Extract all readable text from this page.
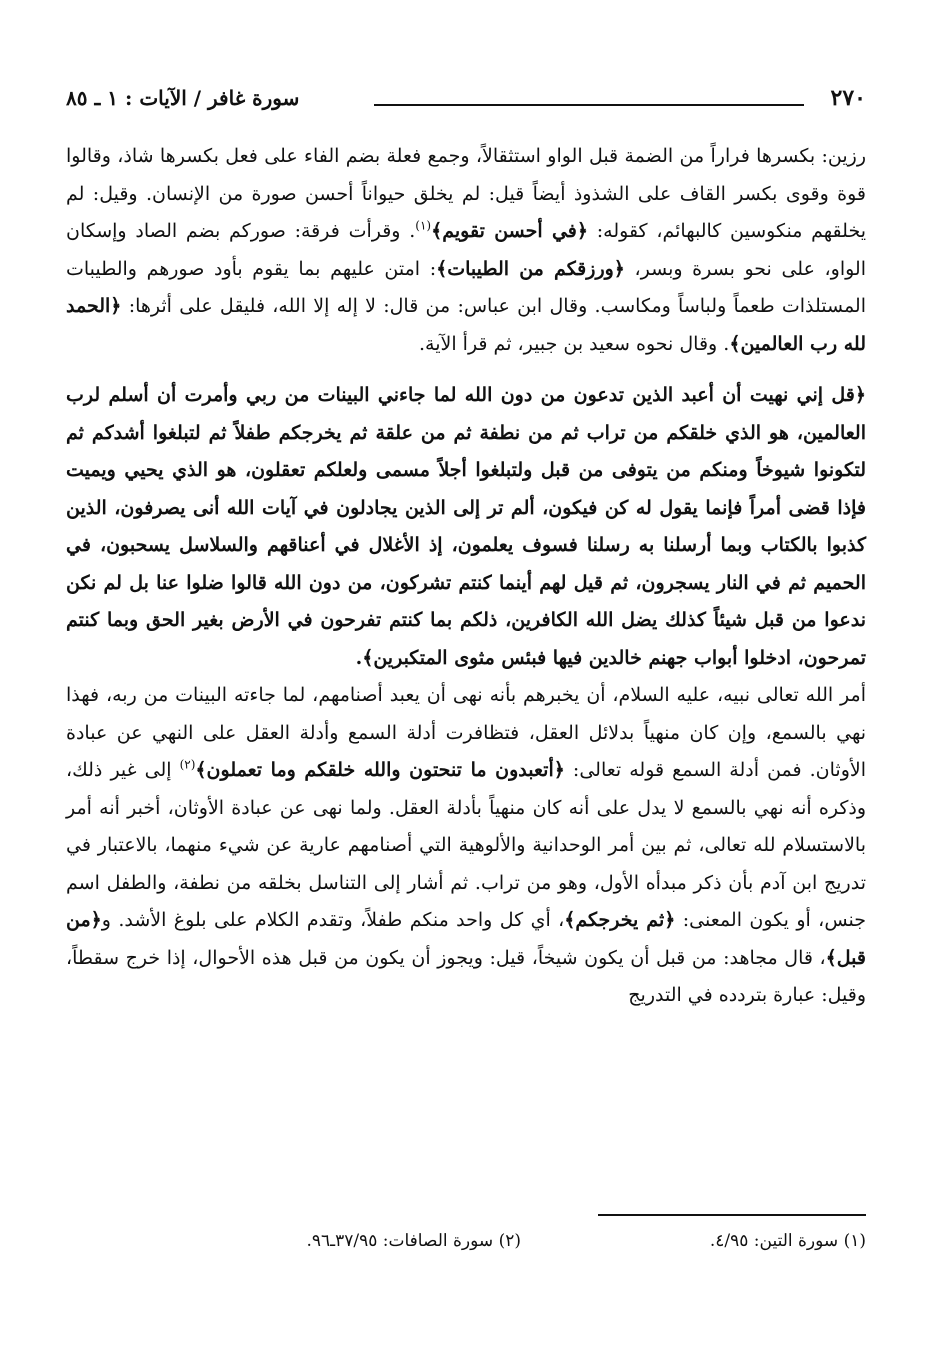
٢٧٠
سورة غافر / الآيات : ١ ـ ٨٥

رزين: بكسرها فراراً من الضمة قبل الواو استثقالاً، وجمع فعلة بضم الفاء على فعل بكسرها شاذ، وقالوا قوة وقوى بكسر القاف على الشذوذ أيضاً قيل: لم يخلق حيواناً أحسن صورة من الإنسان. وقيل: لم يخلقهم منكوسين كالبهائم، كقوله: ﴿في أحسن تقويم﴾$^{(١)}$. وقرأت فرقة: صوركم بضم الصاد وإسكان الواو، على نحو بسرة وبسر، ﴿ورزقكم من الطيبات﴾: امتن عليهم بما يقوم بأود صورهم والطيبات المستلذات طعماً ولباساً ومكاسب. وقال ابن عباس: من قال: لا إله إلا الله، فليقل على أثرها: ﴿الحمد لله رب العالمين﴾. وقال نحوه سعيد بن جبير، ثم قرأ الآية.

﴿قل إني نهيت أن أعبد الذين تدعون من دون الله لما جاءني البينات من ربي وأمرت أن أسلم لرب العالمين، هو الذي خلقكم من تراب ثم من نطفة ثم من علقة ثم يخرجكم طفلاً ثم لتبلغوا أشدكم ثم لتكونوا شيوخاً ومنكم من يتوفى من قبل ولتبلغوا أجلاً مسمى ولعلكم تعقلون، هو الذي يحيي ويميت فإذا قضى أمراً فإنما يقول له كن فيكون، ألم تر إلى الذين يجادلون في آيات الله أنى يصرفون، الذين كذبوا بالكتاب وبما أرسلنا به رسلنا فسوف يعلمون، إذ الأغلال في أعناقهم والسلاسل يسحبون، في الحميم ثم في النار يسجرون، ثم قيل لهم أينما كنتم تشركون، من دون الله قالوا ضلوا عنا بل لم نكن ندعوا من قبل شيئاً كذلك يضل الله الكافرين، ذلكم بما كنتم تفرحون في الأرض بغير الحق وبما كنتم تمرحون، ادخلوا أبواب جهنم خالدين فيها فبئس مثوى المتكبرين﴾.

أمر الله تعالى نبيه، عليه السلام، أن يخبرهم بأنه نهى أن يعبد أصنامهم، لما جاءته البينات من ربه، فهذا نهي بالسمع، وإن كان منهياً بدلائل العقل، فتظافرت أدلة السمع وأدلة العقل على النهي عن عبادة الأوثان. فمن أدلة السمع قوله تعالى: ﴿أتعبدون ما تنحتون والله خلقكم وما تعملون﴾$^{(٢)}$ إلى غير ذلك، وذكره أنه نهي بالسمع لا يدل على أنه كان منهياً بأدلة العقل. ولما نهى عن عبادة الأوثان، أخبر أنه أمر بالاستسلام لله تعالى، ثم بين أمر الوحدانية والألوهية التي أصنامهم عارية عن شيء منهما، بالاعتبار في تدريج ابن آدم بأن ذكر مبدأه الأول، وهو من تراب. ثم أشار إلى التناسل بخلقه من نطفة، والطفل اسم جنس، أو يكون المعنى: ﴿ثم يخرجكم﴾، أي كل واحد منكم طفلاً، وتقدم الكلام على بلوغ الأشد. و﴿من قبل﴾، قال مجاهد: من قبل أن يكون شيخاً، قيل: ويجوز أن يكون من قبل هذه الأحوال، إذا خرج سقطاً، وقيل: عبارة بتردده في التدريج

(١) سورة التين: ٤/٩٥.
(٢) سورة الصافات: ٣٧/٩٥ـ٩٦.
